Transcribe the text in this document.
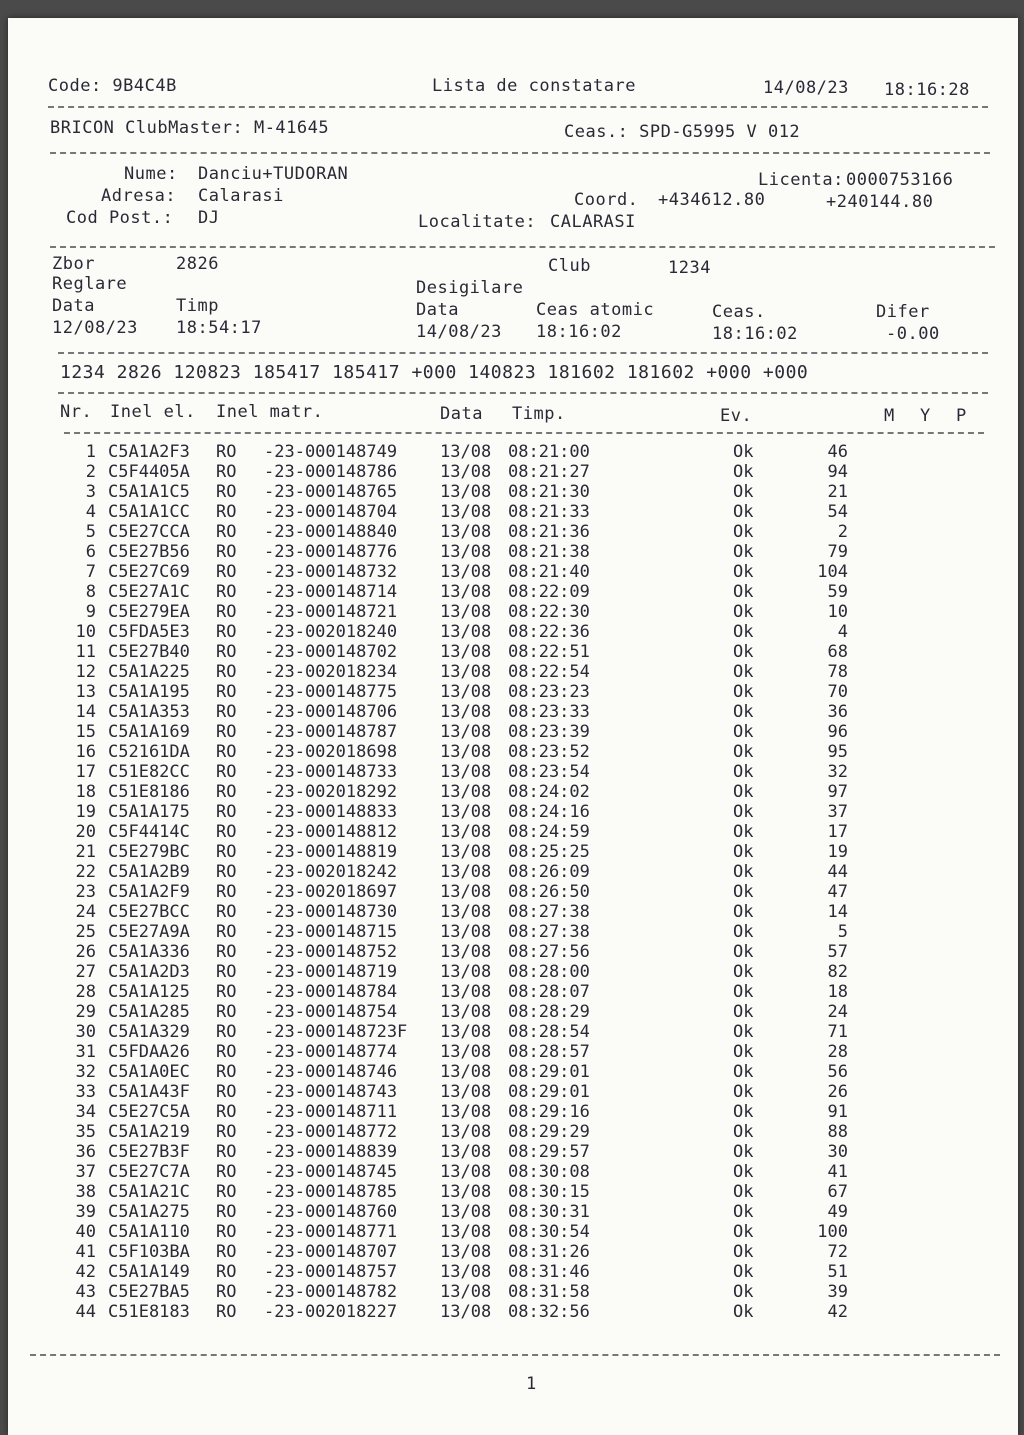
Code: 9B4C4B	Lista de constatare	14/08/23 18:16:28
BRICON ClubMaster: M-41645	Ceas.: SPD-G5995 V 012
Nume: Danciu+TUDORAN	Licenta: 0000753166
Adresa: Calarasi	Coord. +434612.80	+240144.80
Cod Post.: DJ	Localitate: CALARASI
Zbor	2826	Club	1234
Reglare	Desigilare
Data	Timp	Data	Ceas atomic	Ceas.	Difer
12/08/23 18:54:17	14/08/23 18:16:02	18:16:02	-0.00
1234 2826 120823 185417 185417 +000 140823 181602 181602 +000 +000
Nr. Inel el. Inel matr.	Data Timp.	Ev.	M Y P
1 C5A1A2F3 RO -23-000148749	13/08 08:21:00	Ok	46
2 C5F4405A RO -23-000148786	13/08 08:21:27	Ok	94
3 C5A1A1C5 RO -23-000148765	13/08 08:21:30	Ok	21
4 C5A1A1CC RO -23-000148704	13/08 08:21:33	Ok	54
5 C5E27CCA RO -23-000148840	13/08 08:21:36	Ok	2
6 C5E27B56 RO -23-000148776	13/08 08:21:38	Ok	79
7 C5E27C69 RO -23-000148732	13/08 08:21:40	Ok	104
8 C5E27A1C RO -23-000148714	13/08 08:22:09	Ok	59
9 C5E279EA RO -23-000148721	13/08 08:22:30	Ok	10
10 C5FDA5E3 RO -23-002018240	13/08 08:22:36	Ok	4
11 C5E27B40 RO -23-000148702	13/08 08:22:51	Ok	68
12 C5A1A225 RO -23-002018234	13/08 08:22:54	Ok	78
13 C5A1A195 RO -23-000148775	13/08 08:23:23	Ok	70
14 C5A1A353 RO -23-000148706	13/08 08:23:33	Ok	36
15 C5A1A169 RO -23-000148787	13/08 08:23:39	Ok	96
16 C52161DA RO -23-002018698	13/08 08:23:52	Ok	95
17 C51E82CC RO -23-000148733	13/08 08:23:54	Ok	32
18 C51E8186 RO -23-002018292	13/08 08:24:02	Ok	97
19 C5A1A175 RO -23-000148833	13/08 08:24:16	Ok	37
20 C5F4414C RO -23-000148812	13/08 08:24:59	Ok	17
21 C5E279BC RO -23-000148819	13/08 08:25:25	Ok	19
22 C5A1A2B9 RO -23-002018242	13/08 08:26:09	Ok	44
23 C5A1A2F9 RO -23-002018697	13/08 08:26:50	Ok	47
24 C5E27BCC RO -23-000148730	13/08 08:27:38	Ok	14
25 C5E27A9A RO -23-000148715	13/08 08:27:38	Ok	5
26 C5A1A336 RO -23-000148752	13/08 08:27:56	Ok	57
27 C5A1A2D3 RO -23-000148719	13/08 08:28:00	Ok	82
28 C5A1A125 RO -23-000148784	13/08 08:28:07	Ok	18
29 C5A1A285 RO -23-000148754	13/08 08:28:29	Ok	24
30 C5A1A329 RO -23-000148723F 13/08 08:28:54	Ok	71
31 C5FDAA26 RO -23-000148774	13/08 08:28:57	Ok	28
32 C5A1A0EC RO -23-000148746	13/08 08:29:01	Ok	56
33 C5A1A43F RO -23-000148743	13/08 08:29:01	Ok	26
34 C5E27C5A RO -23-000148711	13/08 08:29:16	Ok	91
35 C5A1A219 RO -23-000148772	13/08 08:29:29	Ok	88
36 C5E27B3F RO -23-000148839	13/08 08:29:57	Ok	30
37 C5E27C7A RO -23-000148745	13/08 08:30:08	Ok	41
38 C5A1A21C RO -23-000148785	13/08 08:30:15	Ok	67
39 C5A1A275 RO -23-000148760	13/08 08:30:31	Ok	49
40 C5A1A110 RO -23-000148771	13/08 08:30:54	Ok	100
41 C5F103BA RO -23-000148707	13/08 08:31:26	Ok	72
42 C5A1A149 RO -23-000148757	13/08 08:31:46	Ok	51
43 C5E27BA5 RO -23-000148782	13/08 08:31:58	Ok	39
44 C51E8183 RO -23-002018227	13/08 08:32:56	Ok	42
1
